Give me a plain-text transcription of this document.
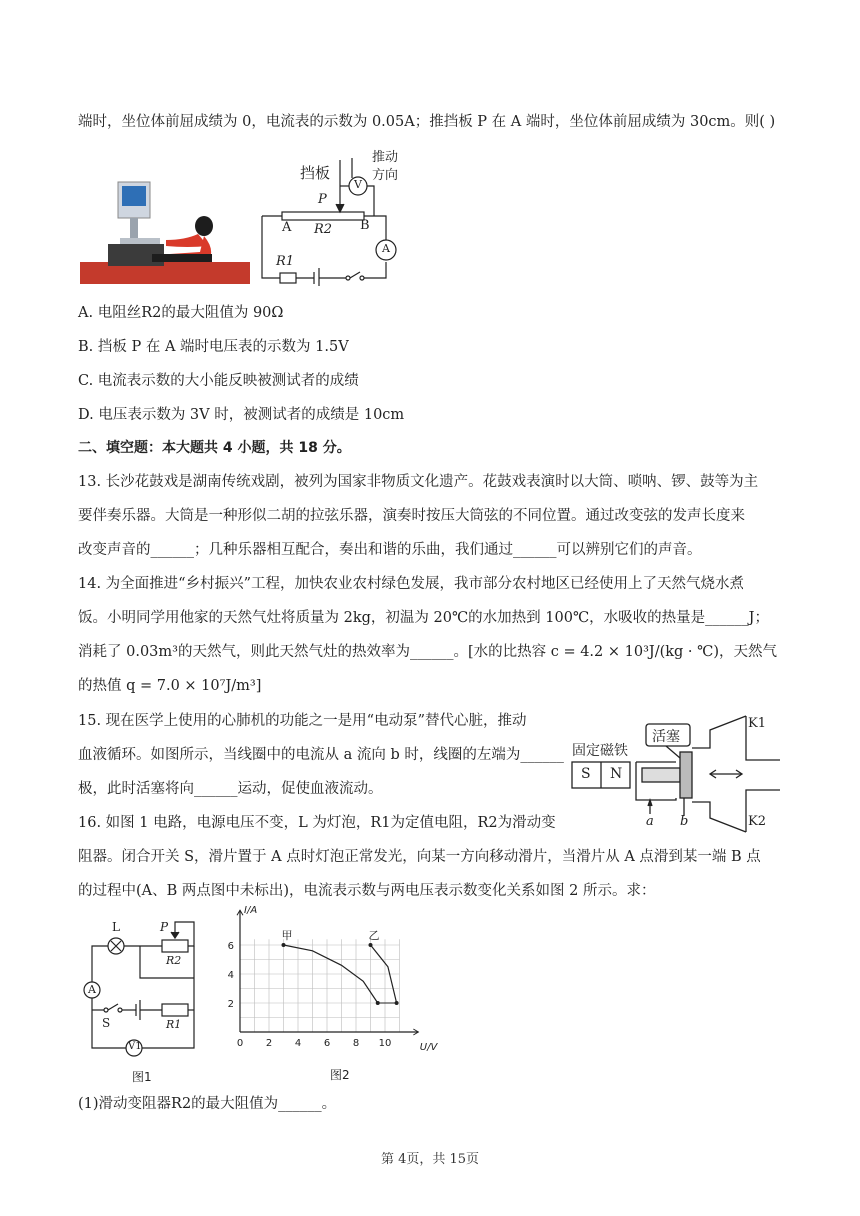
端时，坐位体前屈成绩为 0，电流表的示数为 0.05A；推挡板 P 在 A 端时，坐位体前屈成绩为 30cm。则( )
挡板
推动
方向
P
A R2 B
R1
V
A
A. 电阻丝R2的最大阻值为 90Ω
B. 挡板 P 在 A 端时电压表的示数为 1.5V
C. 电流表示数的大小能反映被测试者的成绩
D. 电压表示数为 3V 时，被测试者的成绩是 10cm
二、填空题：本大题共 4 小题，共 18 分。
13. 长沙花鼓戏是湖南传统戏剧，被列为国家非物质文化遗产。花鼓戏表演时以大筒、唢呐、锣、鼓等为主
要伴奏乐器。大筒是一种形似二胡的拉弦乐器，演奏时按压大筒弦的不同位置。通过改变弦的发声长度来
改变声音的______；几种乐器相互配合，奏出和谐的乐曲，我们通过______可以辨别它们的声音。
14. 为全面推进“乡村振兴”工程，加快农业农村绿色发展，我市部分农村地区已经使用上了天然气烧水煮
饭。小明同学用他家的天然气灶将质量为 2kg，初温为 20℃的水加热到 100℃，水吸收的热量是______J；
消耗了 0.03m³的天然气，则此天然气灶的热效率为______。[水的比热容 c = 4.2 × 10³J/(kg · ℃)，天然气
的热值 q = 7.0 × 10⁷J/m³]
15. 现在医学上使用的心肺机的功能之一是用“电动泵”替代心脏，推动
血液循环。如图所示，当线圈中的电流从 a 流向 b 时，线圈的左端为______
极，此时活塞将向______运动，促使血液流动。
固定磁铁
活塞
S N
a b
K1
K2
16. 如图 1 电路，电源电压不变，L 为灯泡，R1为定值电阻，R2为滑动变
阻器。闭合开关 S，滑片置于 A 点时灯泡正常发光，向某一方向移动滑片，当滑片从 A 点滑到某一端 B 点
的过程中(A、B 两点图中未标出)，电流表示数与两电压表示数变化关系如图 2 所示。求：
L	P
R2
A
S	R1
V1
图1
0 2 4 6 8 10
2
4
6
U/V
I/A
甲	乙
图2
(1)滑动变阻器R2的最大阻值为______。
第 4页，共 15页
